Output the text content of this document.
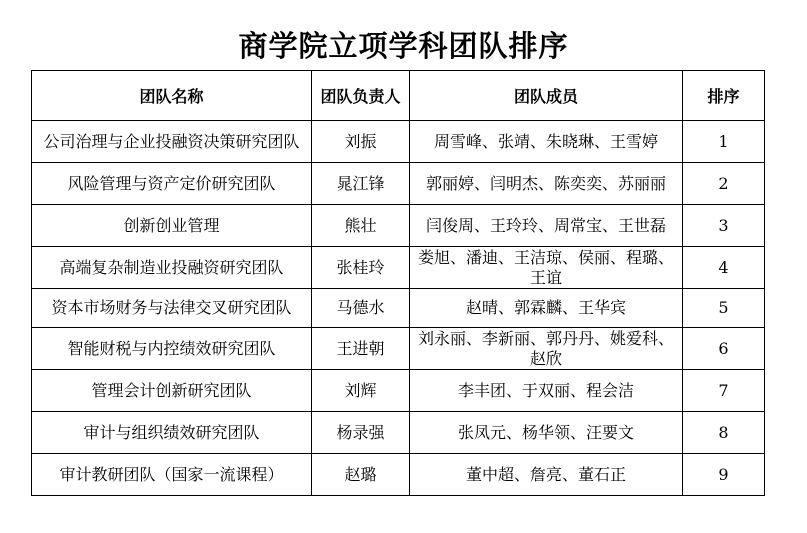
商学院立项学科团队排序
团队名称	团队负责人	团队成员	排序
公司治理与企业投融资决策研究团队	刘振	周雪峰、张靖、朱晓琳、王雪婷	1
风险管理与资产定价研究团队	晁江锋	郭丽婷、闫明杰、陈奕奕、苏丽丽	2
创新创业管理	熊壮	闫俊周、王玲玲、周常宝、王世磊	3
高端复杂制造业投融资研究团队	张桂玲	娄旭、潘迪、王洁琼、侯丽、程璐、王谊	4
资本市场财务与法律交叉研究团队	马德水	赵晴、郭霖麟、王华宾	5
智能财税与内控绩效研究团队	王进朝	刘永丽、李新丽、郭丹丹、姚爱科、赵欣	6
管理会计创新研究团队	刘辉	李丰团、于双丽、程会洁	7
审计与组织绩效研究团队	杨录强	张凤元、杨华领、汪要文	8
审计教研团队（国家一流课程）	赵璐	董中超、詹亮、董石正	9
